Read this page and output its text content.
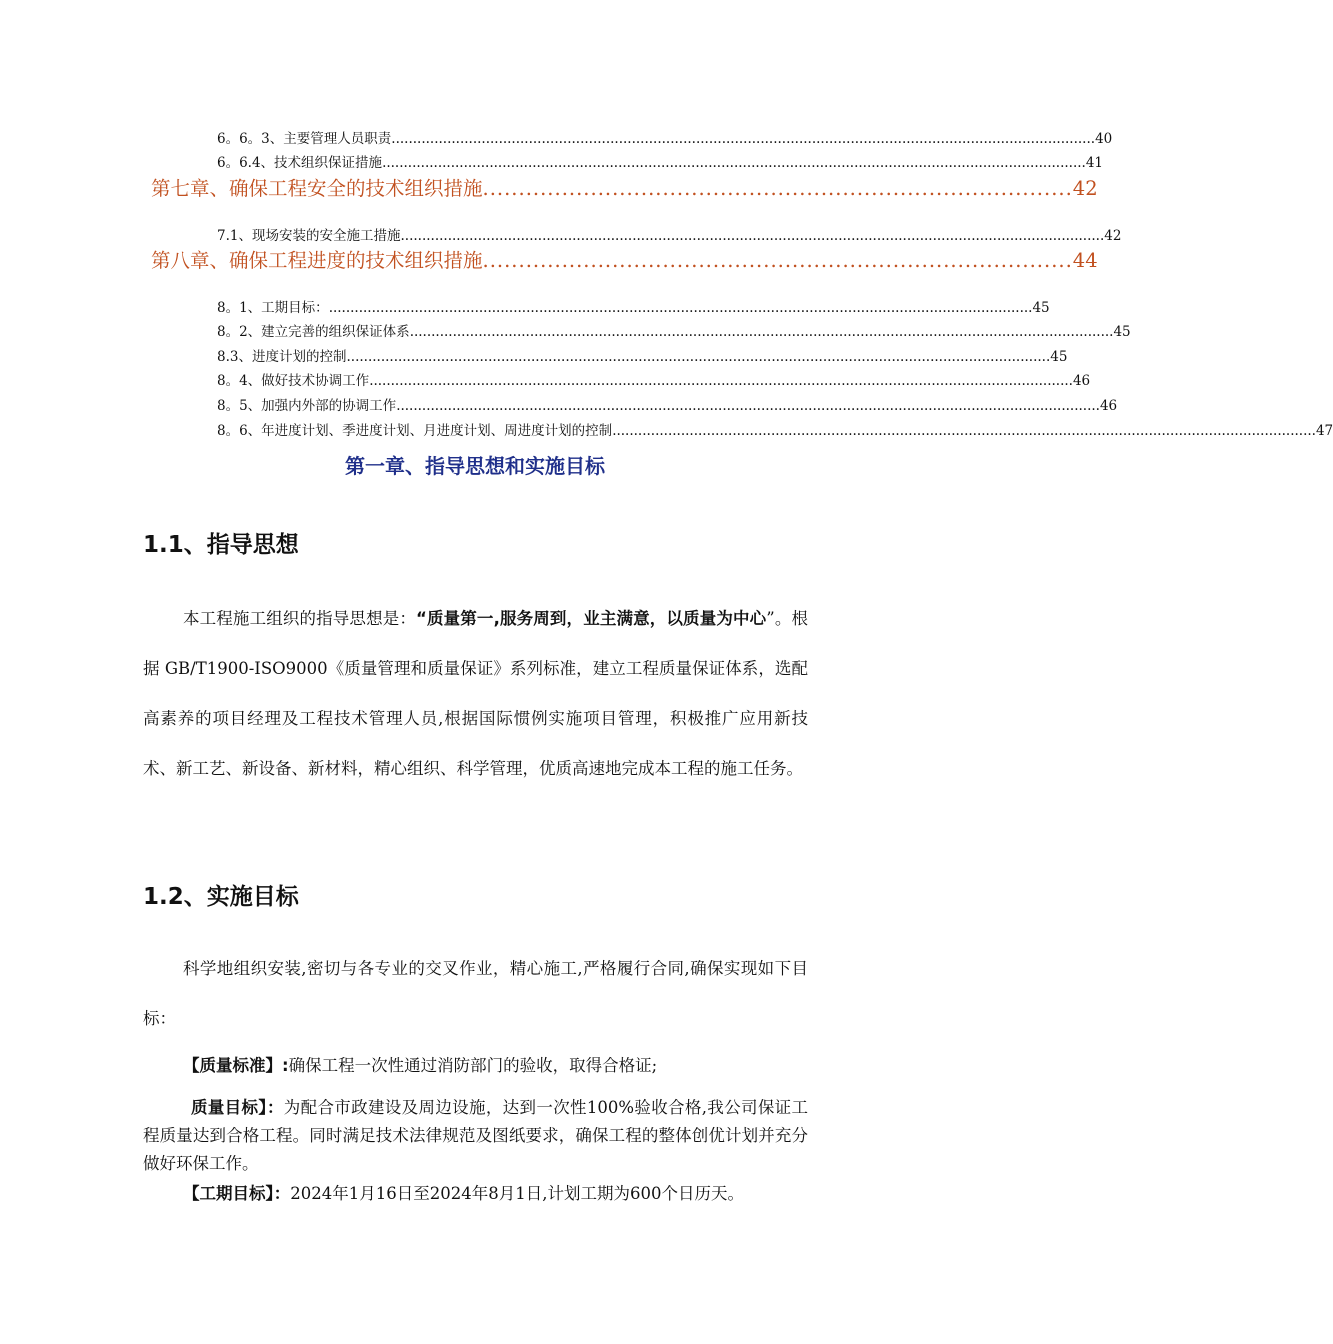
6。6。3、主要管理人员职责 .................................................................................................................................................................... 40
6。6.4、技术组织保证措施 .................................................................................................................................................................... 41
第七章、确保工程安全的技术组织措施 .................................................................................. 42
7.1、现场安装的安全施工措施 .................................................................................................................................................................... 42
第八章、确保工程进度的技术组织措施 .................................................................................. 44
8。1、工期目标： .................................................................................................................................................................... 45
8。2、建立完善的组织保证体系 .................................................................................................................................................................... 45
8.3、进度计划的控制 .................................................................................................................................................................... 45
8。4、做好技术协调工作 .................................................................................................................................................................... 46
8。5、加强内外部的协调工作 .................................................................................................................................................................... 46
8。6、年进度计划、季进度计划、月进度计划、周进度计划的控制 .................................................................................................................................................................... 47
第一章、指导思想和实施目标
1.1、指导思想
本工程施工组织的指导思想是：“质量第一,服务周到，业主满意，以质量为中心”。根据 GB/T1900-ISO9000《质量管理和质量保证》系列标准，建立工程质量保证体系，选配高素养的项目经理及工程技术管理人员,根据国际惯例实施项目管理，积极推广应用新技术、新工艺、新设备、新材料，精心组织、科学管理，优质高速地完成本工程的施工任务。
1.2、实施目标
科学地组织安装,密切与各专业的交叉作业，精心施工,严格履行合同,确保实现如下目标：
【质量标准】:确保工程一次性通过消防部门的验收，取得合格证;
质量目标】：为配合市政建设及周边设施，达到一次性100%验收合格,我公司保证工程质量达到合格工程。同时满足技术法律规范及图纸要求，确保工程的整体创优计划并充分做好环保工作。
【工期目标】：2024年1月16日至2024年8月1日,计划工期为600个日历天。
